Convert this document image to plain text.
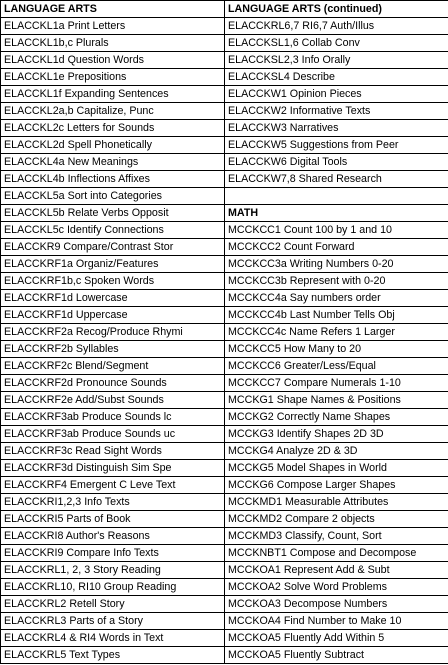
LANGUAGE ARTS	LANGUAGE ARTS (continued)
ELACCKL1a Print Letters	ELACCKRL6,7 RI6,7 Auth/Illus
ELACCKL1b,c Plurals	ELACCKSL1,6 Collab Conv
ELACCKL1d Question Words	ELACCKSL2,3 Info Orally
ELACCKL1e Prepositions	ELACCKSL4 Describe
ELACCKL1f Expanding Sentences	ELACCKW1 Opinion Pieces
ELACCKL2a,b Capitalize, Punc	ELACCKW2 Informative Texts
ELACCKL2c Letters for Sounds	ELACCKW3 Narratives
ELACCKL2d Spell Phonetically	ELACCKW5 Suggestions from Peer
ELACCKL4a New Meanings	ELACCKW6 Digital Tools
ELACCKL4b Inflections Affixes	ELACCKW7,8 Shared Research
ELACCKL5a Sort into Categories	
ELACCKL5b Relate Verbs Opposit	MATH
ELACCKL5c Identify Connections	MCCKCC1 Count 100 by 1 and 10
ELACCKR9 Compare/Contrast Stor	MCCKCC2 Count Forward
ELACCKRF1a Organiz/Features	MCCKCC3a Writing Numbers 0-20
ELACCKRF1b,c Spoken Words	MCCKCC3b Represent with 0-20
ELACCKRF1d Lowercase	MCCKCC4a Say numbers order
ELACCKRF1d Uppercase	MCCKCC4b Last Number Tells Obj
ELACCKRF2a Recog/Produce Rhymi	MCCKCC4c Name Refers 1 Larger
ELACCKRF2b Syllables	MCCKCC5 How Many to 20
ELACCKRF2c Blend/Segment	MCCKCC6 Greater/Less/Equal
ELACCKRF2d Pronounce Sounds	MCCKCC7 Compare Numerals 1-10
ELACCKRF2e Add/Subst Sounds	MCCKG1 Shape Names & Positions
ELACCKRF3ab Produce Sounds lc	MCCKG2 Correctly Name Shapes
ELACCKRF3ab Produce Sounds uc	MCCKG3 Identify Shapes 2D 3D
ELACCKRF3c Read Sight Words	MCCKG4 Analyze 2D & 3D
ELACCKRF3d Distinguish Sim Spe	MCCKG5 Model Shapes in World
ELACCKRF4 Emergent C Leve Text	MCCKG6 Compose Larger Shapes
ELACCKRI1,2,3 Info Texts	MCCKMD1 Measurable Attributes
ELACCKRI5 Parts of Book	MCCKMD2 Compare 2 objects
ELACCKRI8 Author's Reasons	MCCKMD3 Classify, Count, Sort
ELACCKRI9 Compare Info Texts	MCCKNBT1 Compose and Decompose
ELACCKRL1, 2, 3 Story Reading	MCCKOA1 Represent Add & Subt
ELACCKRL10, RI10 Group Reading	MCCKOA2 Solve Word Problems
ELACCKRL2 Retell Story	MCCKOA3 Decompose Numbers
ELACCKRL3 Parts of a Story	MCCKOA4 Find Number to Make 10
ELACCKRL4 & RI4 Words in Text	MCCKOA5 Fluently Add Within 5
ELACCKRL5 Text Types	MCCKOA5 Fluently Subtract
